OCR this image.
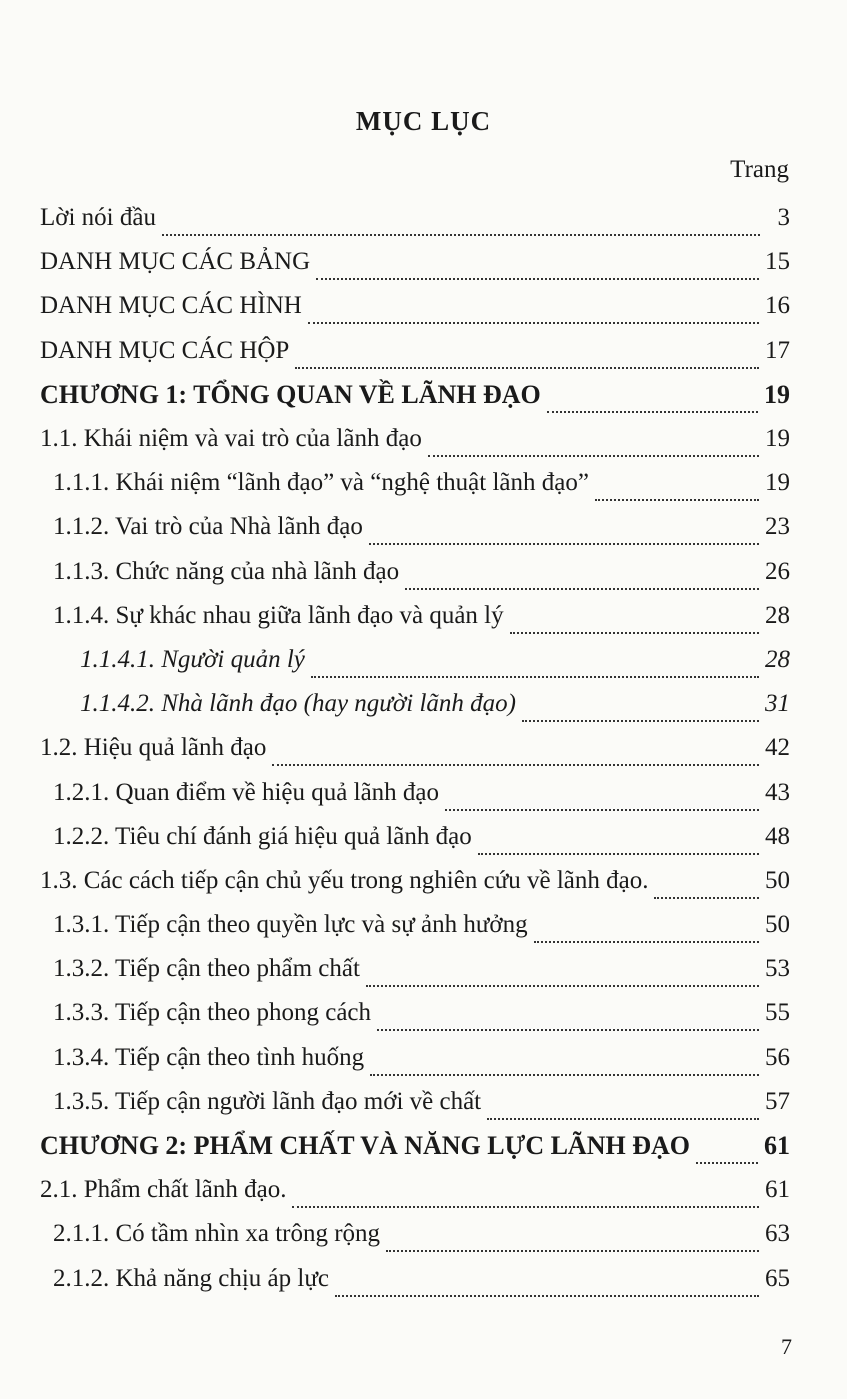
MỤC LỤC
Trang
Lời nói đầu	3
DANH MỤC CÁC BẢNG	15
DANH MỤC CÁC HÌNH	16
DANH MỤC CÁC HỘP	17
CHƯƠNG 1: TỔNG QUAN VỀ LÃNH ĐẠO	19
1.1. Khái niệm và vai trò của lãnh đạo	19
1.1.1. Khái niệm “lãnh đạo” và “nghệ thuật lãnh đạo”	19
1.1.2. Vai trò của Nhà lãnh đạo	23
1.1.3. Chức năng của nhà lãnh đạo	26
1.1.4. Sự khác nhau giữa lãnh đạo và quản lý	28
1.1.4.1. Người quản lý	28
1.1.4.2. Nhà lãnh đạo (hay người lãnh đạo)	31
1.2. Hiệu quả lãnh đạo	42
1.2.1. Quan điểm về hiệu quả lãnh đạo	43
1.2.2. Tiêu chí đánh giá hiệu quả lãnh đạo	48
1.3. Các cách tiếp cận chủ yếu trong nghiên cứu về lãnh đạo.	50
1.3.1. Tiếp cận theo quyền lực và sự ảnh hưởng	50
1.3.2. Tiếp cận theo phẩm chất	53
1.3.3. Tiếp cận theo phong cách	55
1.3.4. Tiếp cận theo tình huống	56
1.3.5. Tiếp cận người lãnh đạo mới về chất	57
CHƯƠNG 2: PHẨM CHẤT VÀ NĂNG LỰC LÃNH ĐẠO	61
2.1. Phẩm chất lãnh đạo.	61
2.1.1. Có tầm nhìn xa trông rộng	63
2.1.2. Khả năng chịu áp lực	65
7
